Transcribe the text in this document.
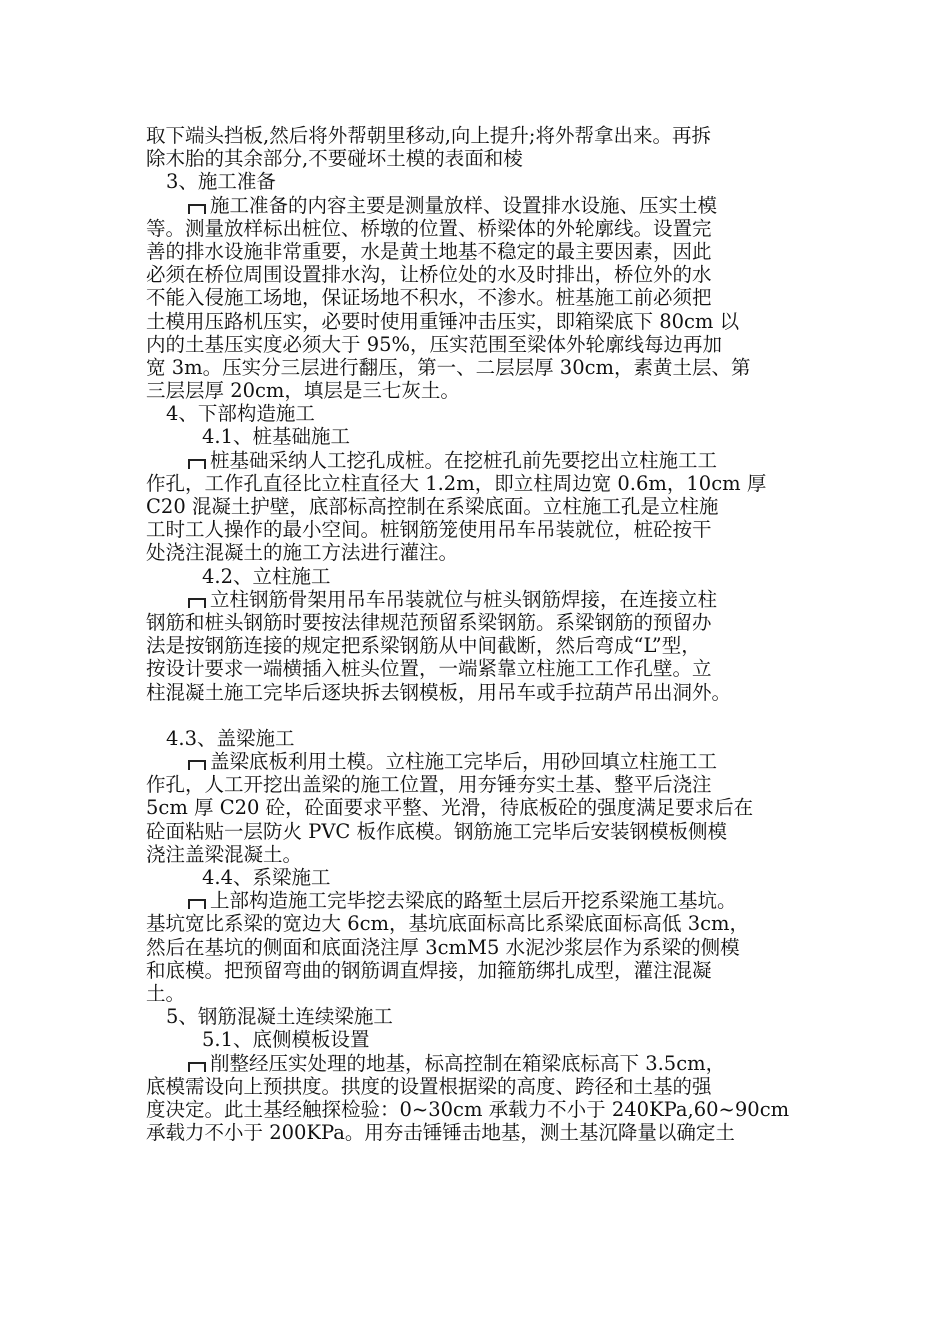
取下端头挡板,然后将外帮朝里移动,向上提升;将外帮拿出来。再拆
除木胎的其余部分,不要碰坏土模的表面和棱
3、施工准备
施工准备的内容主要是测量放样、设置排水设施、压实土模
等。测量放样标出桩位、桥墩的位置、桥梁体的外轮廓线。设置完
善的排水设施非常重要，水是黄土地基不稳定的最主要因素，因此
必须在桥位周围设置排水沟，让桥位处的水及时排出，桥位外的水
不能入侵施工场地，保证场地不积水，不渗水。桩基施工前必须把
土模用压路机压实，必要时使用重锤冲击压实，即箱梁底下 80cm 以
内的土基压实度必须大于 95%，压实范围至梁体外轮廓线每边再加
宽 3m。压实分三层进行翻压，第一、二层层厚 30cm，素黄土层、第
三层层厚 20cm，填层是三七灰土。
4、下部构造施工
4.1、桩基础施工
桩基础采纳人工挖孔成桩。在挖桩孔前先要挖出立柱施工工
作孔，工作孔直径比立柱直径大 1.2m，即立柱周边宽 0.6m，10cm 厚
C20 混凝土护壁，底部标高控制在系梁底面。立柱施工孔是立柱施
工时工人操作的最小空间。桩钢筋笼使用吊车吊装就位，桩砼按干
处浇注混凝土的施工方法进行灌注。
4.2、立柱施工
立柱钢筋骨架用吊车吊装就位与桩头钢筋焊接，在连接立柱
钢筋和桩头钢筋时要按法律规范预留系梁钢筋。系梁钢筋的预留办
法是按钢筋连接的规定把系梁钢筋从中间截断，然后弯成“L”型，
按设计要求一端横插入桩头位置，一端紧靠立柱施工工作孔壁。立
柱混凝土施工完毕后逐块拆去钢模板，用吊车或手拉葫芦吊出洞外。
4.3、盖梁施工
盖梁底板利用土模。立柱施工完毕后，用砂回填立柱施工工
作孔，人工开挖出盖梁的施工位置，用夯锤夯实土基、整平后浇注
5cm 厚 C20 砼，砼面要求平整、光滑，待底板砼的强度满足要求后在
砼面粘贴一层防火 PVC 板作底模。钢筋施工完毕后安装钢模板侧模
浇注盖梁混凝土。
4.4、系梁施工
上部构造施工完毕挖去梁底的路堑土层后开挖系梁施工基坑。
基坑宽比系梁的宽边大 6cm，基坑底面标高比系梁底面标高低 3cm，
然后在基坑的侧面和底面浇注厚 3cmM5 水泥沙浆层作为系梁的侧模
和底模。把预留弯曲的钢筋调直焊接，加箍筋绑扎成型，灌注混凝
土。
5、钢筋混凝土连续梁施工
5.1、底侧模板设置
削整经压实处理的地基，标高控制在箱梁底标高下 3.5cm，
底模需设向上预拱度。拱度的设置根据梁的高度、跨径和土基的强
度决定。此土基经触探检验：0~30cm 承载力不小于 240KPa,60~90cm
承载力不小于 200KPa。用夯击锤锤击地基，测土基沉降量以确定土
